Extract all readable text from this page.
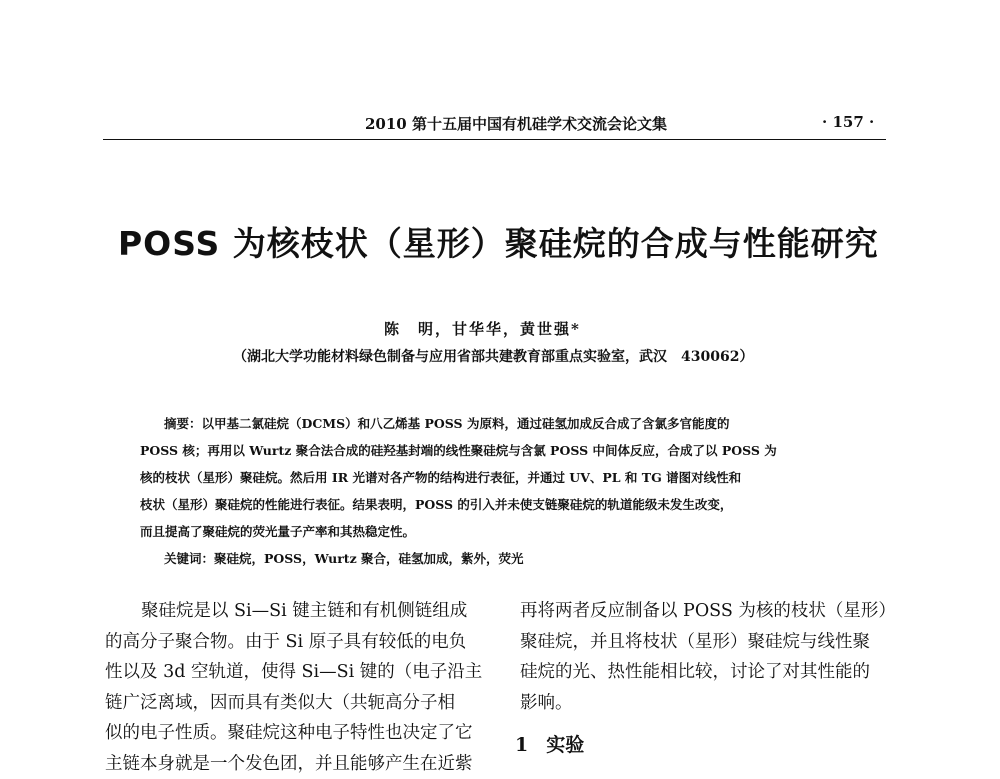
2010 第十五届中国有机硅学术交流会论文集	· 157 ·
POSS 为核枝状（星形）聚硅烷的合成与性能研究
陈　明，甘华华，黄世强*
（湖北大学功能材料绿色制备与应用省部共建教育部重点实验室，武汉　430062）
摘要：以甲基二氯硅烷（DCMS）和八乙烯基 POSS 为原料，通过硅氢加成反合成了含氯多官能度的
POSS 核；再用以 Wurtz 聚合法合成的硅羟基封端的线性聚硅烷与含氯 POSS 中间体反应，合成了以 POSS 为
核的枝状（星形）聚硅烷。然后用 IR 光谱对各产物的结构进行表征，并通过 UV、PL 和 TG 谱图对线性和
枝状（星形）聚硅烷的性能进行表征。结果表明，POSS 的引入并未使支链聚硅烷的轨道能级未发生改变，
而且提高了聚硅烷的荧光量子产率和其热稳定性。
关键词：聚硅烷，POSS，Wurtz 聚合，硅氢加成，紫外，荧光
聚硅烷是以 Si—Si 键主链和有机侧链组成
的高分子聚合物。由于 Si 原子具有较低的电负
性以及 3d 空轨道，使得 Si—Si 键的（电子沿主
链广泛离域，因而具有类似大（共轭高分子相
似的电子性质。聚硅烷这种电子特性也决定了它
主链本身就是一个发色团，并且能够产生在近紫
再将两者反应制备以 POSS 为核的枝状（星形）
聚硅烷，并且将枝状（星形）聚硅烷与线性聚
硅烷的光、热性能相比较，讨论了对其性能的
影响。
1 实验
